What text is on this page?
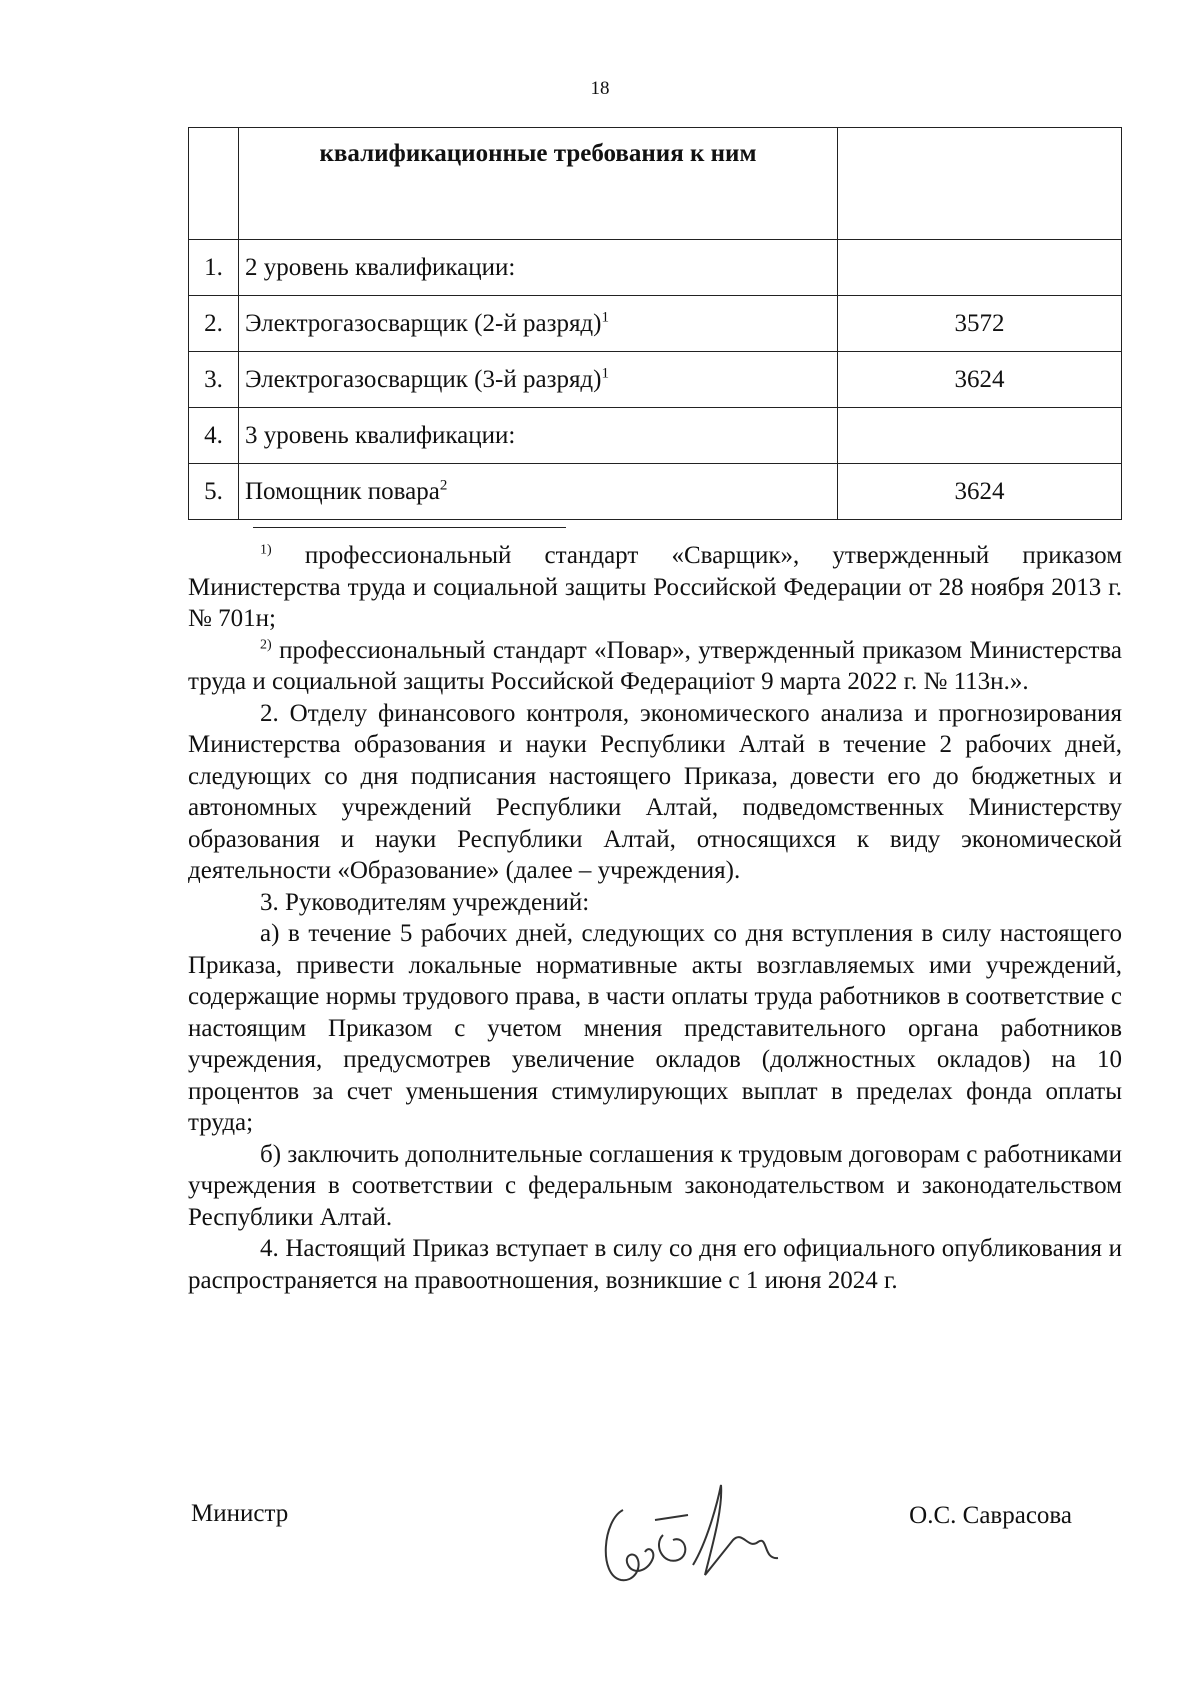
18
	квалификационные требования к ним	
1.	2 уровень квалификации:	
2.	Электрогазосварщик (2-й разряд)$^1$	3572
3.	Электрогазосварщик (3-й разряд)$^1$	3624
4.	3 уровень квалификации:	
5.	Помощник повара$^2$	3624

$^{1)}$ профессиональный стандарт «Сварщик», утвержденный приказом Министерства труда и социальной защиты Российской Федерации от 28 ноября 2013 г. № 701н;

$^{2)}$ профессиональный стандарт «Повар», утвержденный приказом Министерства труда и социальной защиты Российской Федерациiот 9 марта 2022 г. № 113н.».

2. Отделу финансового контроля, экономического анализа и прогнозирования Министерства образования и науки Республики Алтай в течение 2 рабочих дней, следующих со дня подписания настоящего Приказа, довести его до бюджетных и автономных учреждений Республики Алтай, подведомственных Министерству образования и науки Республики Алтай, относящихся к виду экономической деятельности «Образование» (далее – учреждения).

3. Руководителям учреждений:

а) в течение 5 рабочих дней, следующих со дня вступления в силу настоящего Приказа, привести локальные нормативные акты возглавляемых ими учреждений, содержащие нормы трудового права, в части оплаты труда работников в соответствие с настоящим Приказом с учетом мнения представительного органа работников учреждения, предусмотрев увеличение окладов (должностных окладов) на 10 процентов за счет уменьшения стимулирующих выплат в пределах фонда оплаты труда;

б) заключить дополнительные соглашения к трудовым договорам с работниками учреждения в соответствии с федеральным законодательством и законодательством Республики Алтай.

4. Настоящий Приказ вступает в силу со дня его официального опубликования и распространяется на правоотношения, возникшие с 1 июня 2024 г.

Министр	О.С. Саврасова
